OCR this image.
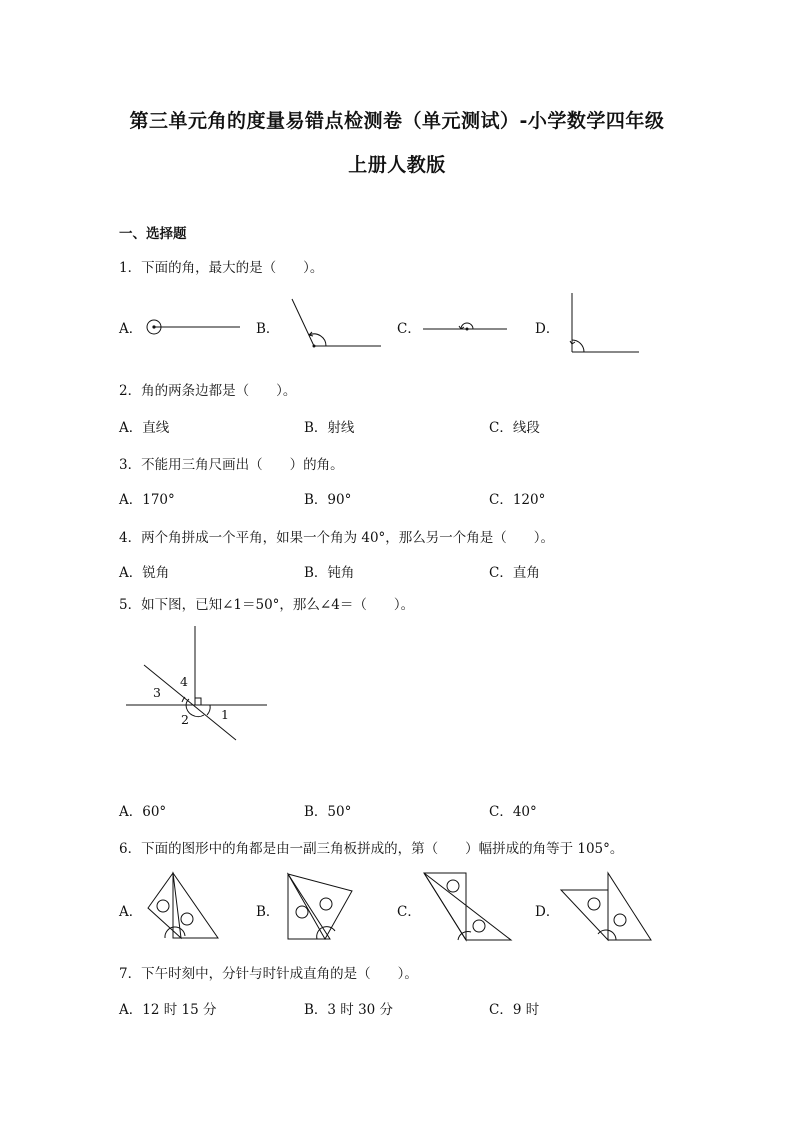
第三单元角的度量易错点检测卷（单元测试）-小学数学四年级
上册人教版
一、选择题
1．下面的角，最大的是（　　）。
A．	B．	C．	D．
2．角的两条边都是（　　）。
A．直线	B．射线	C．线段
3．不能用三角尺画出（　　）的角。
A．170°	B．90°	C．120°
4．两个角拼成一个平角，如果一个角为 40°，那么另一个角是（　　）。
A．锐角	B．钝角	C．直角
5．如下图，已知∠1＝50°，那么∠4＝（　　）。
1
2
3
4
A．60°	B．50°	C．40°
6．下面的图形中的角都是由一副三角板拼成的，第（　　）幅拼成的角等于 105°。
A．	B．	C．	D．
7．下午时刻中，分针与时针成直角的是（　　）。
A．12 时 15 分	B．3 时 30 分	C．9 时
